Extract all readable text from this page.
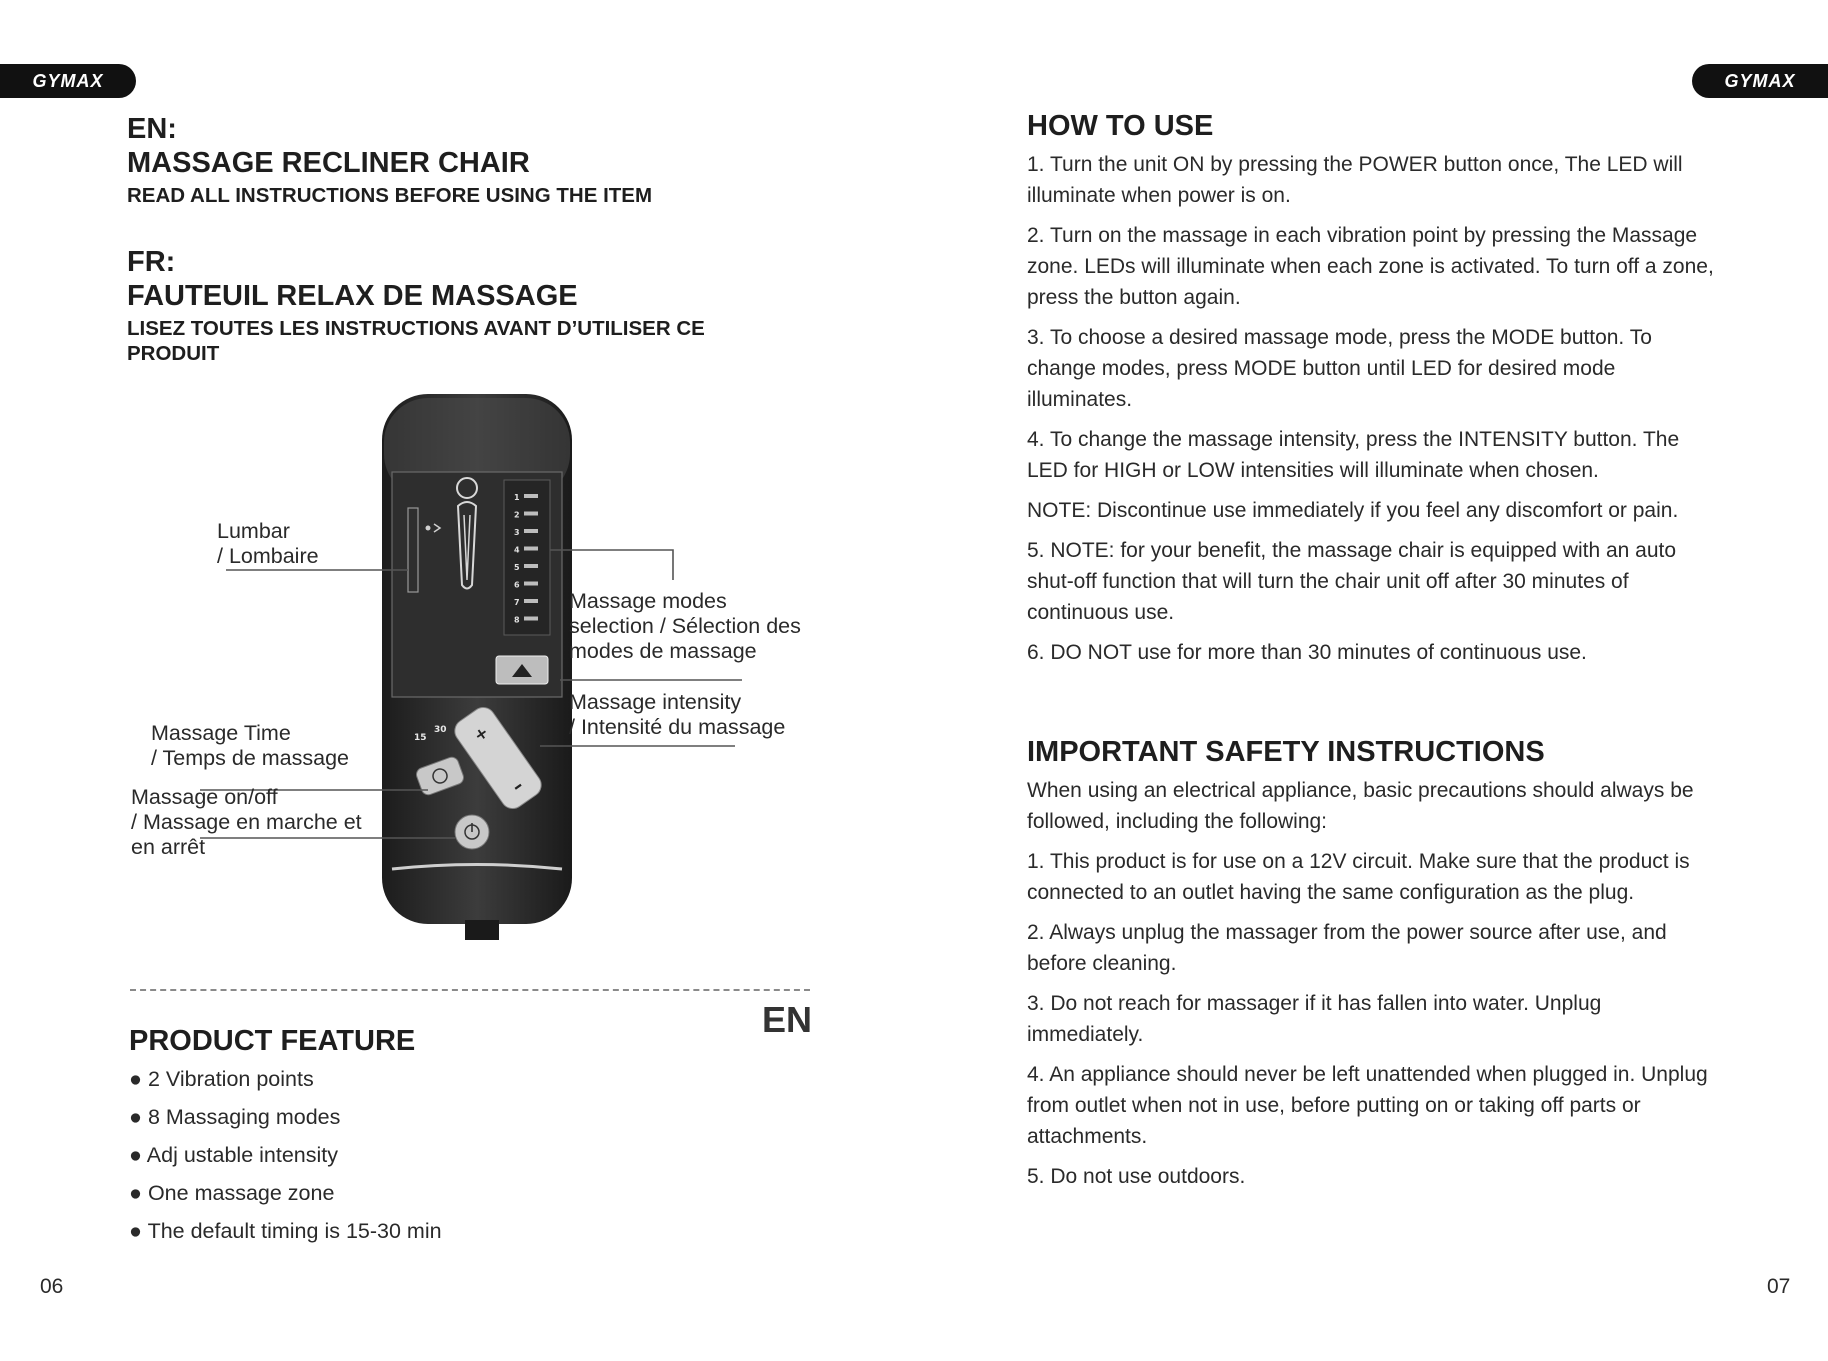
GYMAX	GYMAX

EN:

MASSAGE RECLINER CHAIR

READ ALL INSTRUCTIONS BEFORE USING THE ITEM

FR:

FAUTEUIL RELAX DE MASSAGE

LISEZ TOUTES LES INSTRUCTIONS AVANT D’UTILISER CE PRODUIT

1
2
3
4
5
6
7
8
+
–
15
30
Lumbar
/ Lombaire
Massage modes
selection / Sélection des
modes de massage
Massage intensity
/ Intensité du massage
Massage Time
/ Temps de massage
Massage on/off
/ Massage en marche et
en arrêt
EN

PRODUCT FEATURE

● 2 Vibration points

● 8 Massaging modes

● Adj ustable intensity

● One massage zone

● The default timing is 15-30 min

06

HOW TO USE

1. Turn the unit ON by pressing the POWER button once, The LED will illuminate when power is on.

2. Turn on the massage in each vibration point by pressing the Massage zone. LEDs will illuminate when each zone is activated. To turn off a zone, press the button again.

3. To choose a desired massage mode, press the MODE button. To change modes, press MODE button until LED for desired mode illuminates.

4. To change the massage intensity, press the INTENSITY button. The LED for HIGH or LOW intensities will illuminate when chosen.

NOTE: Discontinue use immediately if you feel any discomfort or pain.

5. NOTE: for your benefit, the massage chair is equipped with an auto shut-off function that will turn the chair unit off after 30 minutes of continuous use.

6. DO NOT use for more than 30 minutes of continuous use.

IMPORTANT SAFETY INSTRUCTIONS

When using an electrical appliance, basic precautions should always be followed, including the following:

1. This product is for use on a 12V circuit. Make sure that the product is connected to an outlet having the same configuration as the plug.

2. Always unplug the massager from the power source after use, and before cleaning.

3. Do not reach for massager if it has fallen into water. Unplug immediately.

4. An appliance should never be left unattended when plugged in. Unplug from outlet when not in use, before putting on or taking off parts or attachments.

5. Do not use outdoors.

07
